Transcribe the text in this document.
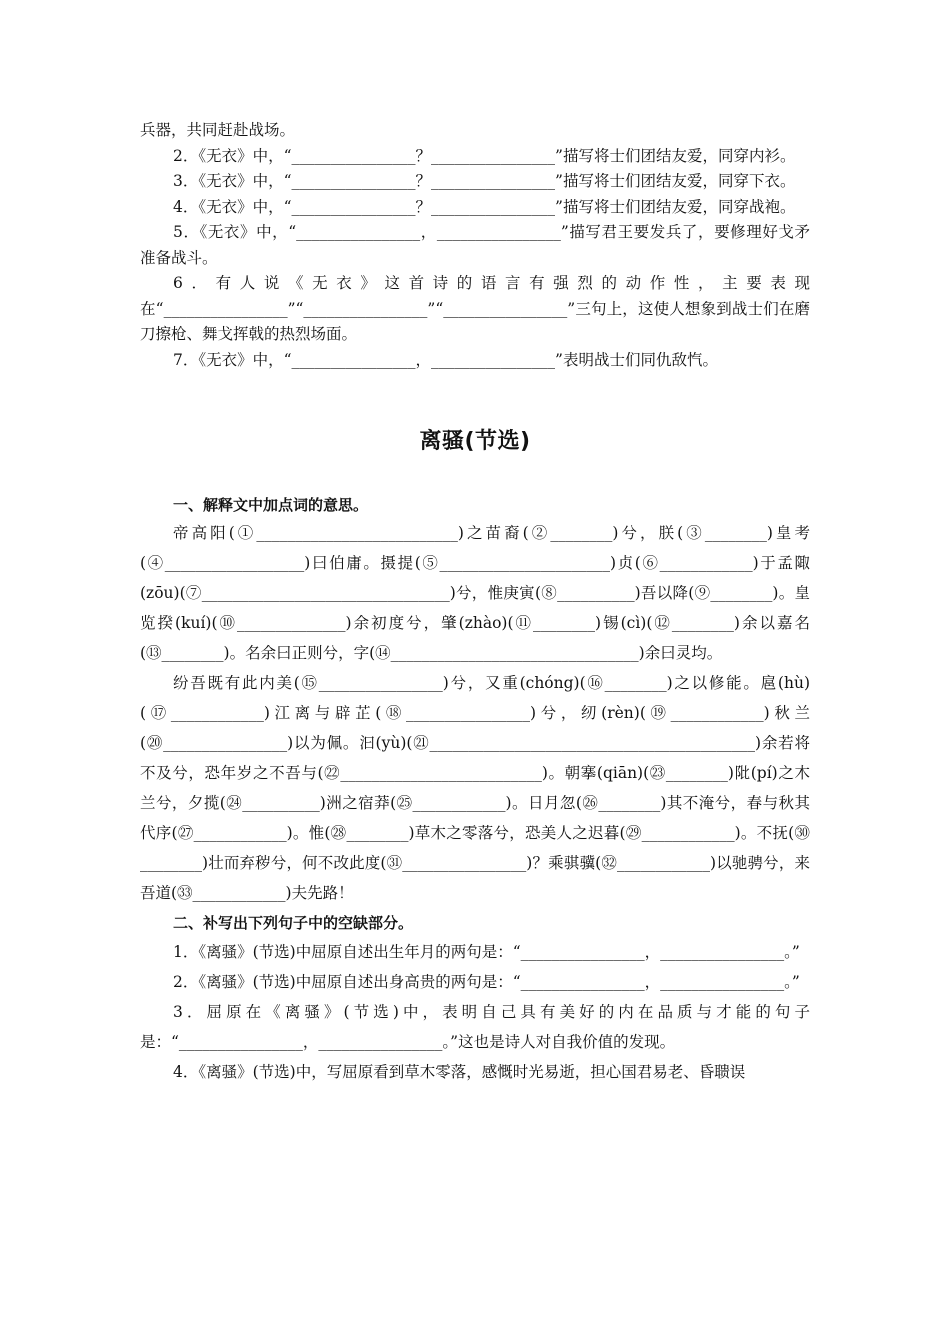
兵器，共同赶赴战场。

2．《无衣》中，“________________？________________”描写将士们团结友爱，同穿内衫。

3．《无衣》中，“________________？________________”描写将士们团结友爱，同穿下衣。

4．《无衣》中，“________________？________________”描写将士们团结友爱，同穿战袍。

5．《无衣》中，“________________，________________”描写君王要发兵了，要修理好戈矛准备战斗。

6．有人说《无衣》这首诗的语言有强烈的动作性，主要表现在“________________”“________________”“________________”三句上，这使人想象到战士们在磨刀擦枪、舞戈挥戟的热烈场面。

7．《无衣》中，“________________，________________”表明战士们同仇敌忾。

离骚(节选)

一、解释文中加点词的意思。

帝高阳(①__________________________)之苗裔(②________)兮，朕(③________)皇考(④__________________)曰伯庸。摄提(⑤______________________)贞(⑥____________)于孟陬(zōu)(⑦________________________________)兮，惟庚寅(⑧__________)吾以降(⑨________)。皇览揆(kuí)(⑩______________)余初度兮，肇(zhào)(⑪________)锡(cì)(⑫________)余以嘉名(⑬________)。名余曰正则兮，字(⑭________________________________)余曰灵均。

纷吾既有此内美(⑮________________)兮，又重(chóng)(⑯________)之以修能。扈(hù)(⑰____________)江离与辟芷(⑱________________)兮，纫(rèn)(⑲____________)秋兰(⑳________________)以为佩。汩(yù)(㉑__________________________________________)余若将不及兮，恐年岁之不吾与(㉒__________________________)。朝搴(qiān)(㉓________)阰(pí)之木兰兮，夕揽(㉔__________)洲之宿莽(㉕____________)。日月忽(㉖________)其不淹兮，春与秋其代序(㉗____________)。惟(㉘________)草木之零落兮，恐美人之迟暮(㉙____________)。不抚(㉚________)壮而弃秽兮，何不改此度(㉛________________)？乘骐骥(㉜____________)以驰骋兮，来吾道(㉝____________)夫先路！

二、补写出下列句子中的空缺部分。

1．《离骚》(节选)中屈原自述出生年月的两句是：“________________，________________。”

2．《离骚》(节选)中屈原自述出身高贵的两句是：“________________，________________。”

3．屈原在《离骚》(节选)中，表明自己具有美好的内在品质与才能的句子是：“________________，________________。”这也是诗人对自我价值的发现。

4．《离骚》(节选)中，写屈原看到草木零落，感慨时光易逝，担心国君易老、昏聩误
